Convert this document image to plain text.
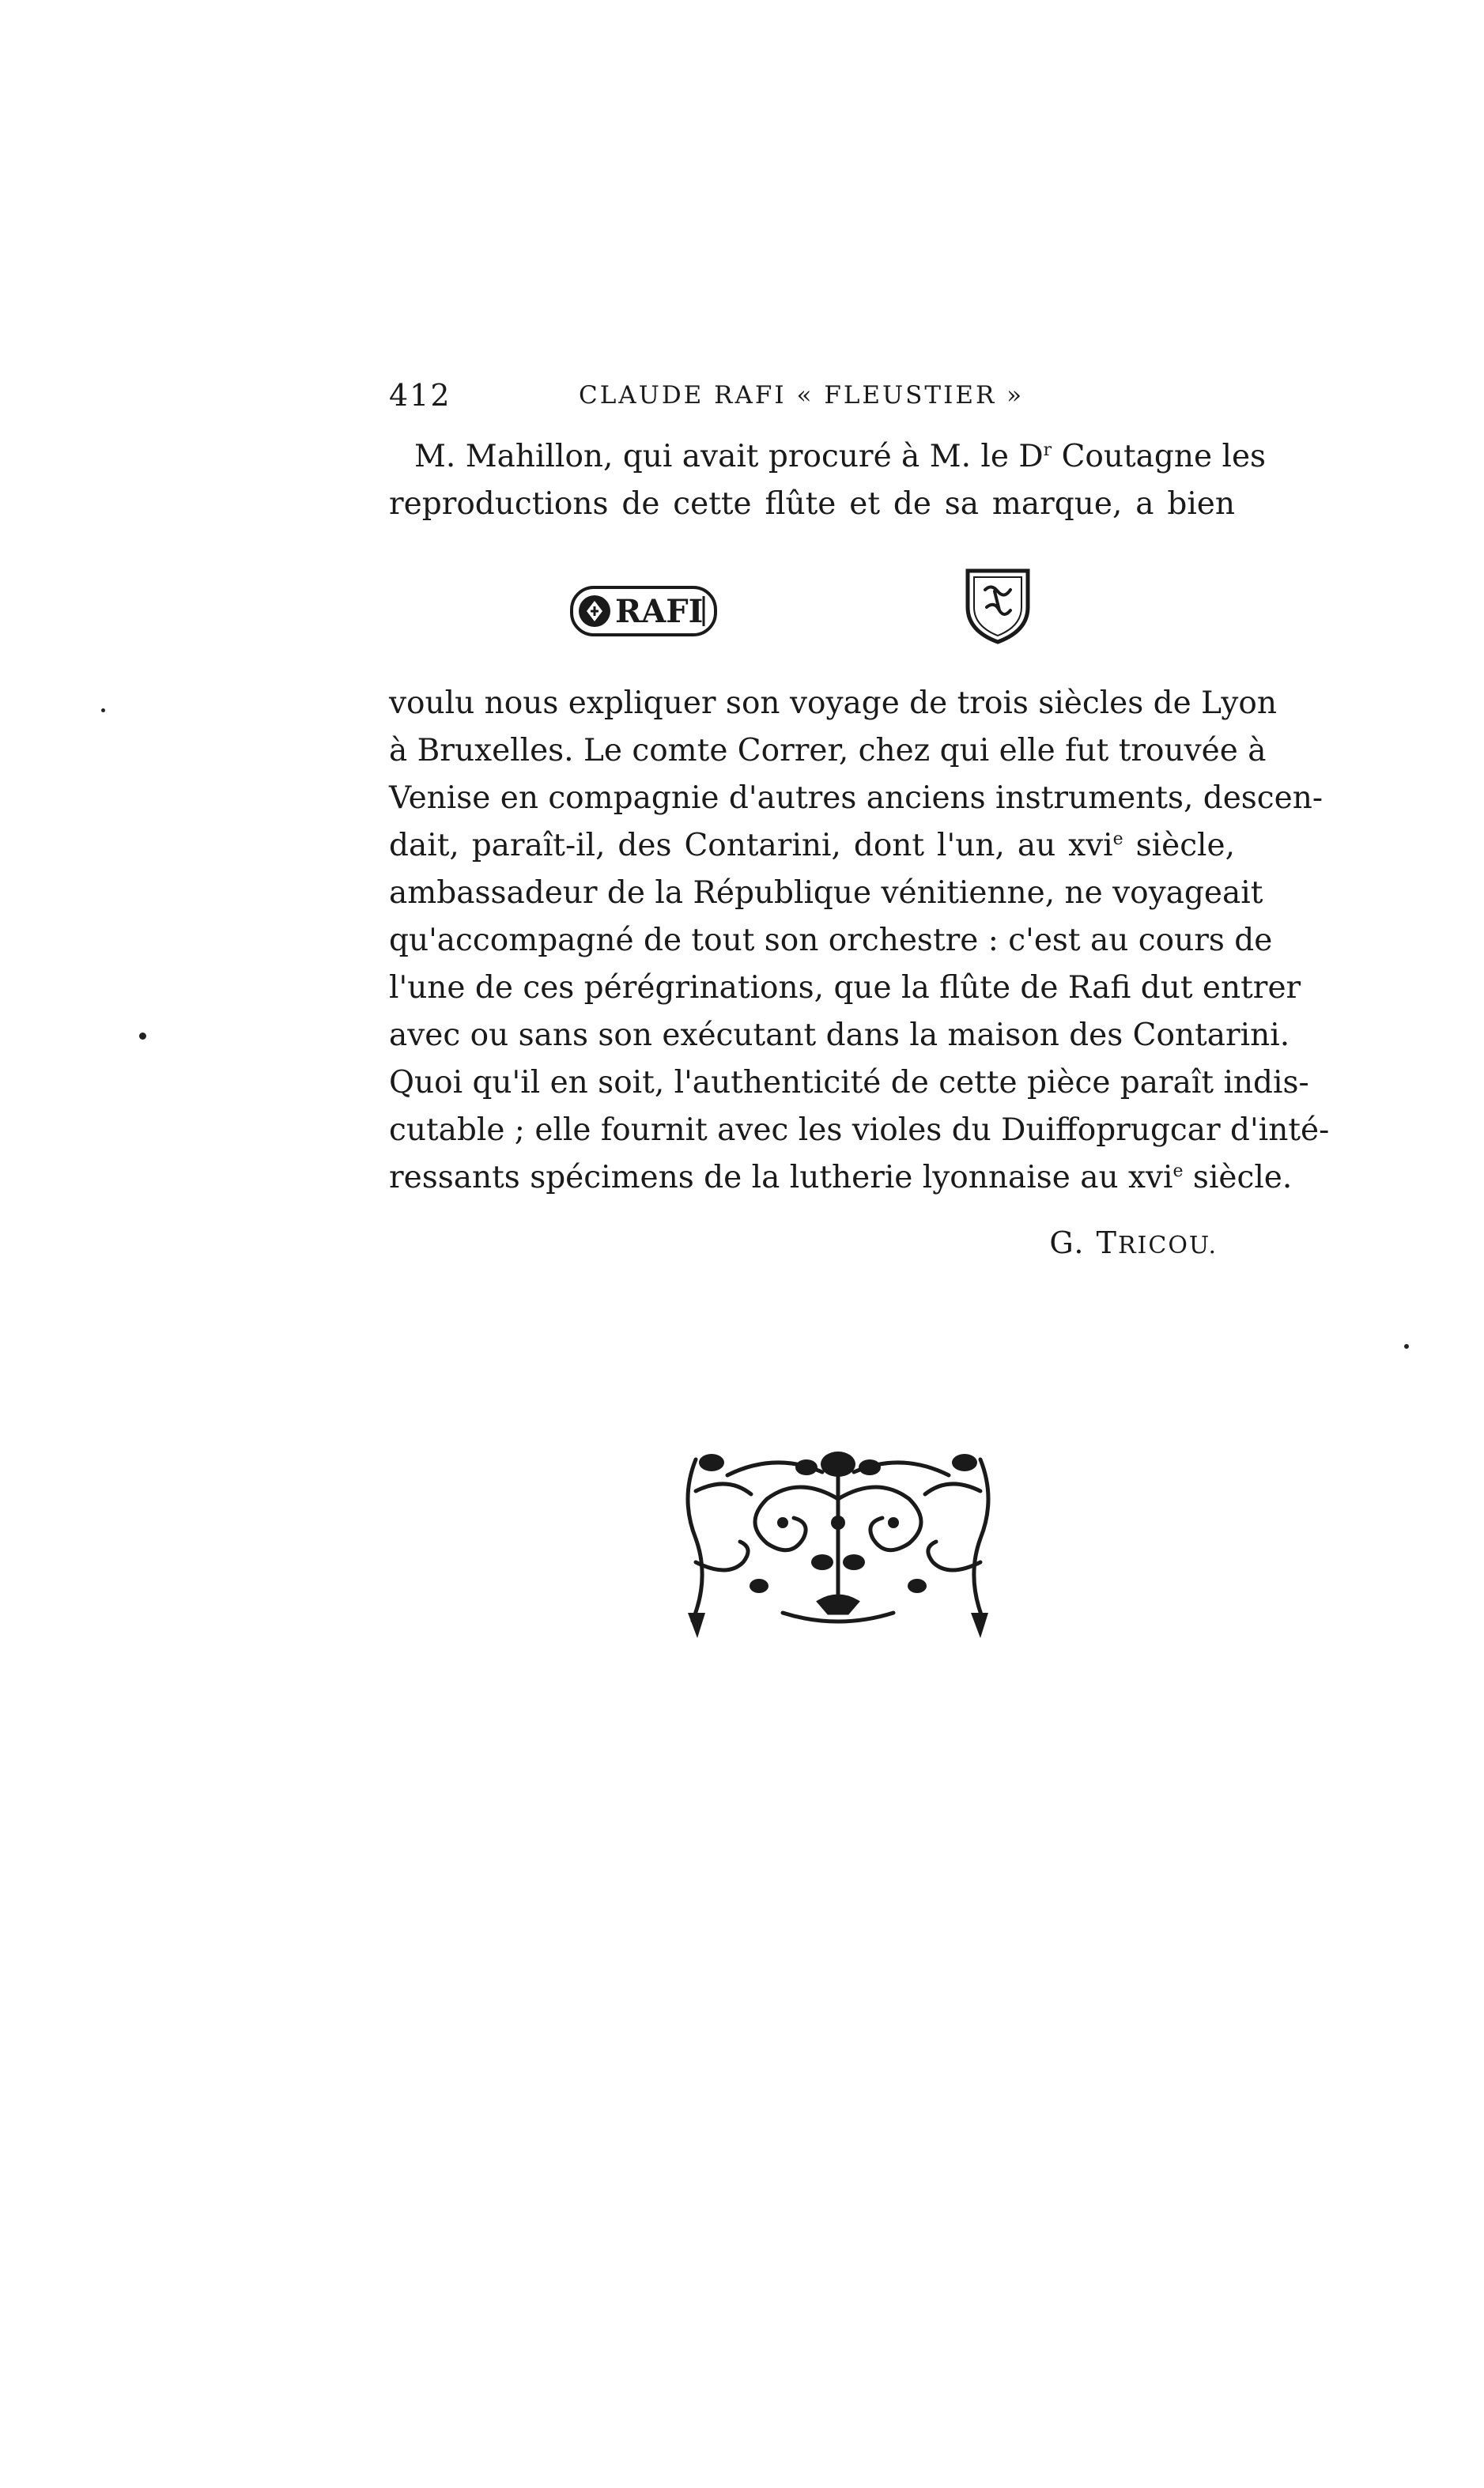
412	CLAUDE RAFI « FLEUSTIER »
M. Mahillon, qui avait procuré à M. le $D^r$ Coutagne les
reproductions de cette flûte et de sa marque, a bien
RAFI
voulu nous expliquer son voyage de trois siècles de Lyon
à Bruxelles. Le comte Correr, chez qui elle fut trouvée à
Venise en compagnie d'autres anciens instruments, descen-
dait, paraît-il, des Contarini, dont l'un, au xvi$^e$ siècle,
ambassadeur de la République vénitienne, ne voyageait
qu'accompagné de tout son orchestre : c'est au cours de
l'une de ces pérégrinations, que la flûte de Rafi dut entrer
avec ou sans son exécutant dans la maison des Contarini.
Quoi qu'il en soit, l'authenticité de cette pièce paraît indis-
cutable ; elle fournit avec les violes du Duiffoprugcar d'inté-
ressants spécimens de la lutherie lyonnaise au xvi$^e$ siècle.
G. TRICOU.
